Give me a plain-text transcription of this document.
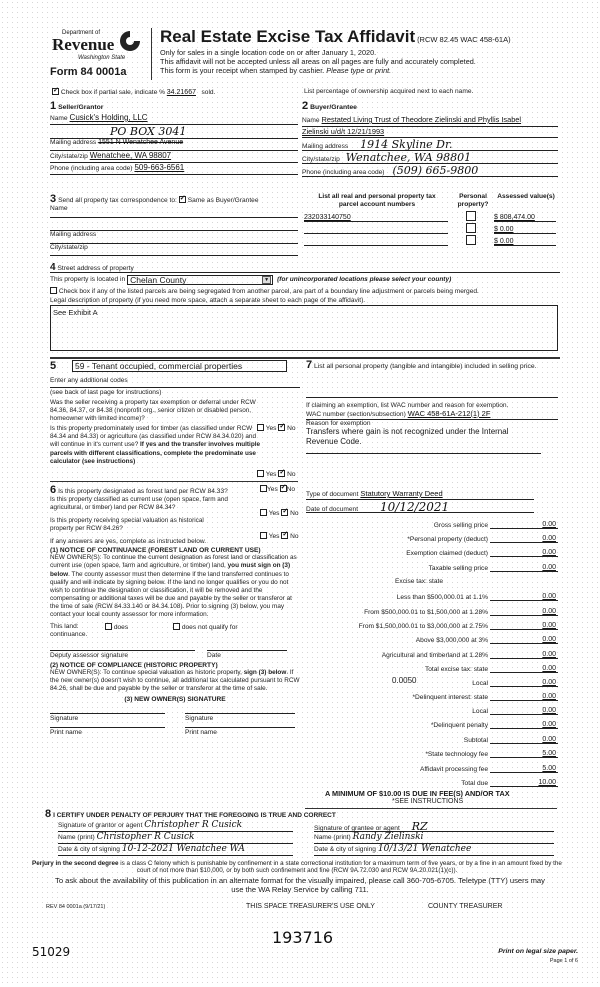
Department of
Revenue
Washington State
Form 84 0001a
Real Estate Excise Tax Affidavit (RCW 82.45 WAC 458-61A)
Only for sales in a single location code on or after January 1, 2020.
This affidavit will not be accepted unless all areas on all pages are fully and accurately completed.
This form is your receipt when stamped by cashier. Please type or print.
✓ Check box if partial sale, indicate % 34.21667 sold.	List percentage of ownership acquired next to each name.
1 Seller/Grantor
Name Cusick's Holding, LLC
PO BOX 3041
Mailing address 1551 N Wenatchee Avenue
City/state/zip Wenatchee, WA 98807
Phone (including area code) 509-663-6561
2 Buyer/Grantee
Name Restated Living Trust of Theodore Zielinski and Phyllis Isabel
Zielinski u/d/t 12/21/1993
Mailing address 1914 Skyline Dr.
City/state/zip Wenatchee, WA 98801
Phone (including area code) (509) 665-9800
List all real and personal property tax parcel account numbers
Personal property?
Assessed value(s)
232033140750	$ 808,474.00
$ 0.00
$ 0.00
3 Send all property tax correspondence to: ✓ Same as Buyer/Grantee
Name
Mailing address
City/state/zip
4 Street address of property
This property is located in Chelan County	▼	(for unincorporated locations please select your county)
Check box if any of the listed parcels are being segregated from another parcel, are part of a boundary line adjustment or parcels being merged.
Legal description of property (if you need more space, attach a separate sheet to each page of the affidavit).
See Exhibit A
5	59 - Tenant occupied, commercial properties
Enter any additional codes
(see back of last page for instructions)
Was the seller receiving a property tax exemption or deferral under RCW 84.36, 84.37, or 84.38 (nonprofit org., senior citizen or disabled person, homeowner with limited income)?
Is this property predominately used for timber (as classified under RCW 84.34 and 84.33) or agriculture (as classified under RCW 84.34.020) and will continue in it's current use? If yes and the transfer involves multiple parcels with different classifications, complete the predominate use calculator (see instructions)
Yes ✓ No
Yes ✓ No
6 Is this property designated as forest land per RCW 84.33?
Is this property classified as current use (open space, farm and agricultural, or timber) land per RCW 84.34?
Is this property receiving special valuation as historical property per RCW 84.26?
If any answers are yes, complete as instructed below.
(1) NOTICE OF CONTINUANCE (FOREST LAND OR CURRENT USE)
NEW OWNER(S): To continue the current designation as forest land or classification as current use (open space, farm and agriculture, or timber) land, you must sign on (3) below. The county assessor must then determine if the land transferred continues to qualify and will indicate by signing below. If the land no longer qualifies or you do not wish to continue the designation or classification, it will be removed and the compensating or additional taxes will be due and payable by the seller or transferor at the time of sale (RCW 84.33.140 or 84.34.108). Prior to signing (3) below, you may contact your local county assessor for more information.
This land:	does	does not qualify for
continuance.
Deputy assessor signature	Date
(2) NOTICE OF COMPLIANCE (HISTORIC PROPERTY)
NEW OWNER(S): To continue special valuation as historic property, sign (3) below. If the new owner(s) doesn't wish to continue, all additional tax calculated pursuant to RCW 84.26, shall be due and payable by the seller or transferor at the time of sale.
(3) NEW OWNER(S) SIGNATURE
Signature	Signature
Print name	Print name
Yes ✓ No
Yes ✓ No
Yes ✓ No
7 List all personal property (tangible and intangible) included in selling price.
If claiming an exemption, list WAC number and reason for exemption.
WAC number (section/subsection) WAC 458-61A-212(1) 2F
Reason for exemption
Transfers where gain is not recognized under the Internal Revenue Code.
Type of document Statutory Warranty Deed
Date of document 10/12/2021
Gross selling price	0.00
*Personal property (deduct)	0.00
Exemption claimed (deduct)	0.00
Taxable selling price	0.00
Excise tax: state
Less than $500,000.01 at 1.1%	0.00
From $500,000.01 to $1,500,000 at 1.28%	0.00
From $1,500,000.01 to $3,000,000 at 2.75%	0.00
Above $3,000,000 at 3%	0.00
Agricultural and timberland at 1.28%	0.00
Total excise tax: state	0.00
0.0050	Local	0.00
*Delinquent interest: state	0.00
Local	0.00
*Delinquent penalty	0.00
Subtotal	0.00
*State technology fee	5.00
Affidavit processing fee	5.00
Total due	10.00
A MINIMUM OF $10.00 IS DUE IN FEE(S) AND/OR TAX
*SEE INSTRUCTIONS
8 I CERTIFY UNDER PENALTY OF PERJURY THAT THE FOREGOING IS TRUE AND CORRECT
Signature of grantor or agent Christopher R Cusick
Name (print) Christopher R Cusick
Date & city of signing 10-12-2021 Wenatchee WA
Signature of grantee or agent RZ
Name (print) Randy Zielinski
Date & city of signing 10/13/21 Wenatchee
Perjury in the second degree is a class C felony which is punishable by confinement in a state correctional institution for a maximum term of five years, or by a fine in an amount fixed by the court of not more than $10,000, or by both such confinement and fine (RCW 9A.72.030 and RCW 9A.20.021(1)(c)).
To ask about the availability of this publication in an alternate format for the visually impaired, please call 360-705-6705. Teletype (TTY) users may use the WA Relay Service by calling 711.
REV 84 0001a (9/17/21)	THIS SPACE TREASURER'S USE ONLY	COUNTY TREASURER
51029
193716
Print on legal size paper.
Page 1 of 6
